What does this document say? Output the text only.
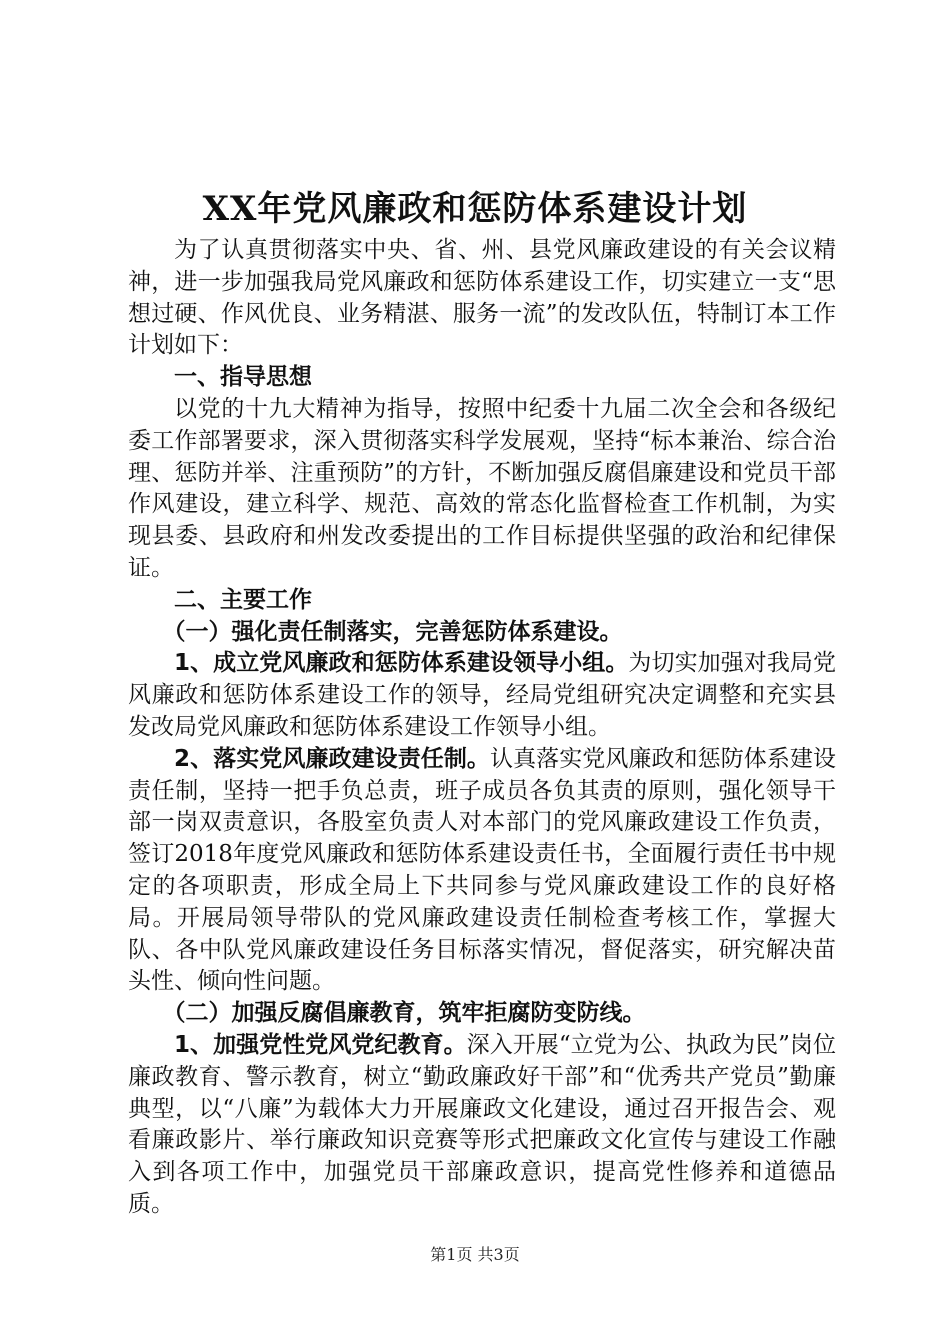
XX年党风廉政和惩防体系建设计划

为了认真贯彻落实中央、省、州、县党风廉政建设的有关会议精神，进一步加强我局党风廉政和惩防体系建设工作，切实建立一支“思想过硬、作风优良、业务精湛、服务一流”的发改队伍，特制订本工作计划如下：

一、指导思想

以党的十九大精神为指导，按照中纪委十九届二次全会和各级纪委工作部署要求，深入贯彻落实科学发展观，坚持“标本兼治、综合治理、惩防并举、注重预防”的方针，不断加强反腐倡廉建设和党员干部作风建设，建立科学、规范、高效的常态化监督检查工作机制，为实现县委、县政府和州发改委提出的工作目标提供坚强的政治和纪律保证。

二、主要工作

（一）强化责任制落实，完善惩防体系建设。

1、成立党风廉政和惩防体系建设领导小组。为切实加强对我局党风廉政和惩防体系建设工作的领导，经局党组研究决定调整和充实县发改局党风廉政和惩防体系建设工作领导小组。

2、落实党风廉政建设责任制。认真落实党风廉政和惩防体系建设责任制，坚持一把手负总责，班子成员各负其责的原则，强化领导干部一岗双责意识，各股室负责人对本部门的党风廉政建设工作负责，签订2018年度党风廉政和惩防体系建设责任书，全面履行责任书中规定的各项职责，形成全局上下共同参与党风廉政建设工作的良好格局。开展局领导带队的党风廉政建设责任制检查考核工作，掌握大队、各中队党风廉政建设任务目标落实情况，督促落实，研究解决苗头性、倾向性问题。

（二）加强反腐倡廉教育，筑牢拒腐防变防线。

1、加强党性党风党纪教育。深入开展“立党为公、执政为民”岗位廉政教育、警示教育，树立“勤政廉政好干部”和“优秀共产党员”勤廉典型，以“八廉”为载体大力开展廉政文化建设，通过召开报告会、观看廉政影片、举行廉政知识竞赛等形式把廉政文化宣传与建设工作融入到各项工作中，加强党员干部廉政意识，提高党性修养和道德品质。

第1页 共3页
